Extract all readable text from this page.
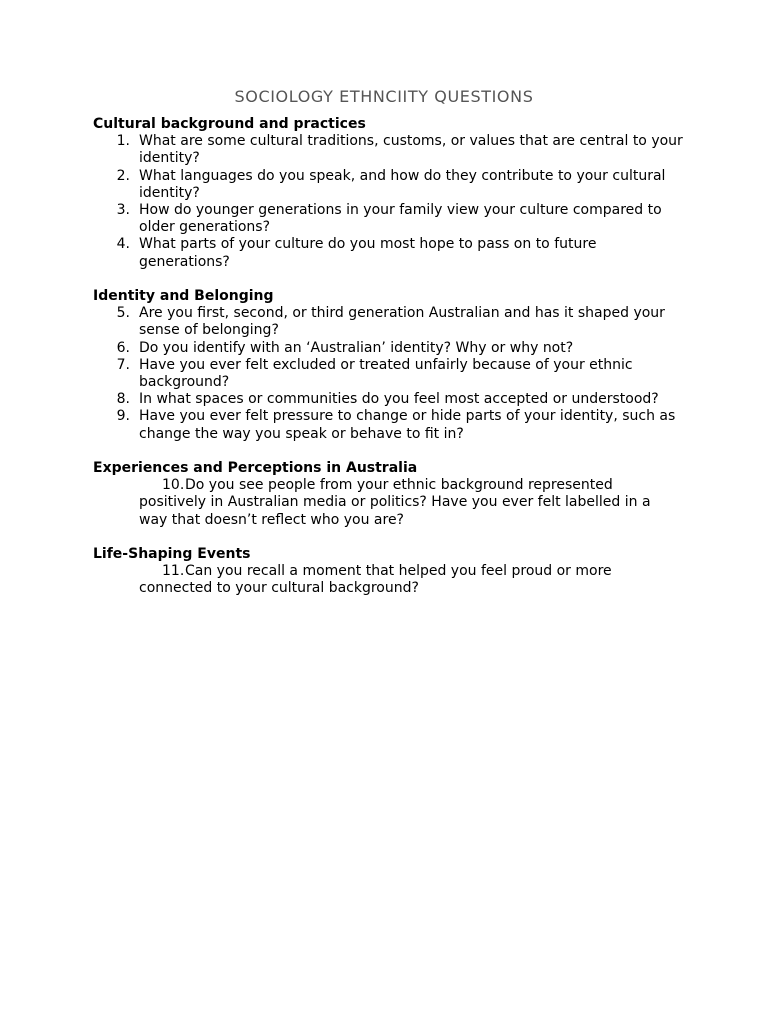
SOCIOLOGY ETHNCIITY QUESTIONS
Cultural background and practices
1. What are some cultural traditions, customs, or values that are central to your identity?
2. What languages do you speak, and how do they contribute to your cultural identity?
3. How do younger generations in your family view your culture compared to older generations?
4. What parts of your culture do you most hope to pass on to future generations?
Identity and Belonging
5. Are you first, second, or third generation Australian and has it shaped your sense of belonging?
6. Do you identify with an ‘Australian’ identity? Why or why not?
7. Have you ever felt excluded or treated unfairly because of your ethnic background?
8. In what spaces or communities do you feel most accepted or understood?
9. Have you ever felt pressure to change or hide parts of your identity, such as change the way you speak or behave to fit in?
Experiences and Perceptions in Australia
10. Do you see people from your ethnic background represented positively in Australian media or politics? Have you ever felt labelled in a way that doesn’t reflect who you are?
Life-Shaping Events
11. Can you recall a moment that helped you feel proud or more connected to your cultural background?
